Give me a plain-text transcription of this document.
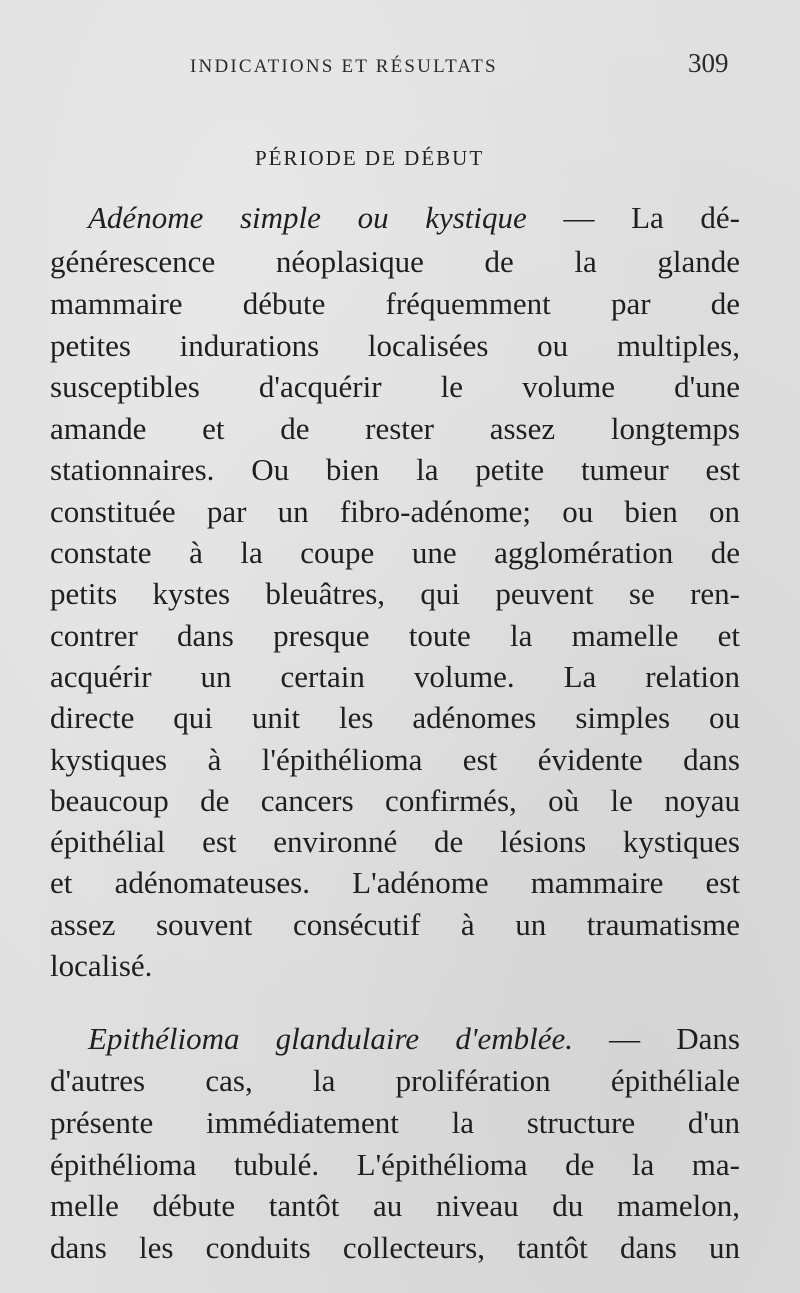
INDICATIONS ET RÉSULTATS	309
PÉRIODE DE DÉBUT
Adénome simple ou kystique — La dé-
générescence néoplasique de la glande
mammaire débute fréquemment par de
petites indurations localisées ou multiples,
susceptibles d'acquérir le volume d'une
amande et de rester assez longtemps
stationnaires. Ou bien la petite tumeur est
constituée par un fibro-adénome; ou bien on
constate à la coupe une agglomération de
petits kystes bleuâtres, qui peuvent se ren-
contrer dans presque toute la mamelle et
acquérir un certain volume. La relation
directe qui unit les adénomes simples ou
kystiques à l'épithélioma est évidente dans
beaucoup de cancers confirmés, où le noyau
épithélial est environné de lésions kystiques
et adénomateuses. L'adénome mammaire est
assez souvent consécutif à un traumatisme
localisé.
Epithélioma glandulaire d'emblée. — Dans
d'autres cas, la prolifération épithéliale
présente immédiatement la structure d'un
épithélioma tubulé. L'épithélioma de la ma-
melle débute tantôt au niveau du mamelon,
dans les conduits collecteurs, tantôt dans un
